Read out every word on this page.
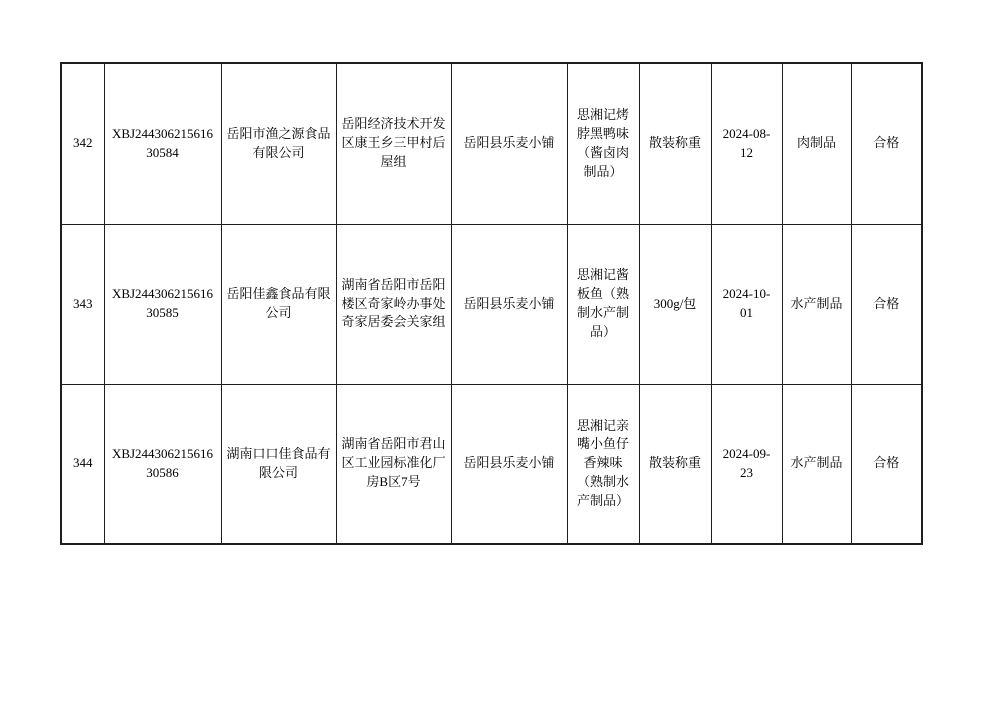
342	XBJ24430621561630584	岳阳市渔之源食品有限公司	岳阳经济技术开发区康王乡三甲村后屋组	岳阳县乐麦小铺	思湘记烤脖黑鸭味（酱卤肉制品）	散装称重	2024-08-12	肉制品	合格
343	XBJ24430621561630585	岳阳佳鑫食品有限公司	湖南省岳阳市岳阳楼区奇家岭办事处奇家居委会关家组	岳阳县乐麦小铺	思湘记酱板鱼（熟制水产制品）	300g/包	2024-10-01	水产制品	合格
344	XBJ24430621561630586	湖南口口佳食品有限公司	湖南省岳阳市君山区工业园标准化厂房B区7号	岳阳县乐麦小铺	思湘记亲嘴小鱼仔香辣味（熟制水产制品）	散装称重	2024-09-23	水产制品	合格
